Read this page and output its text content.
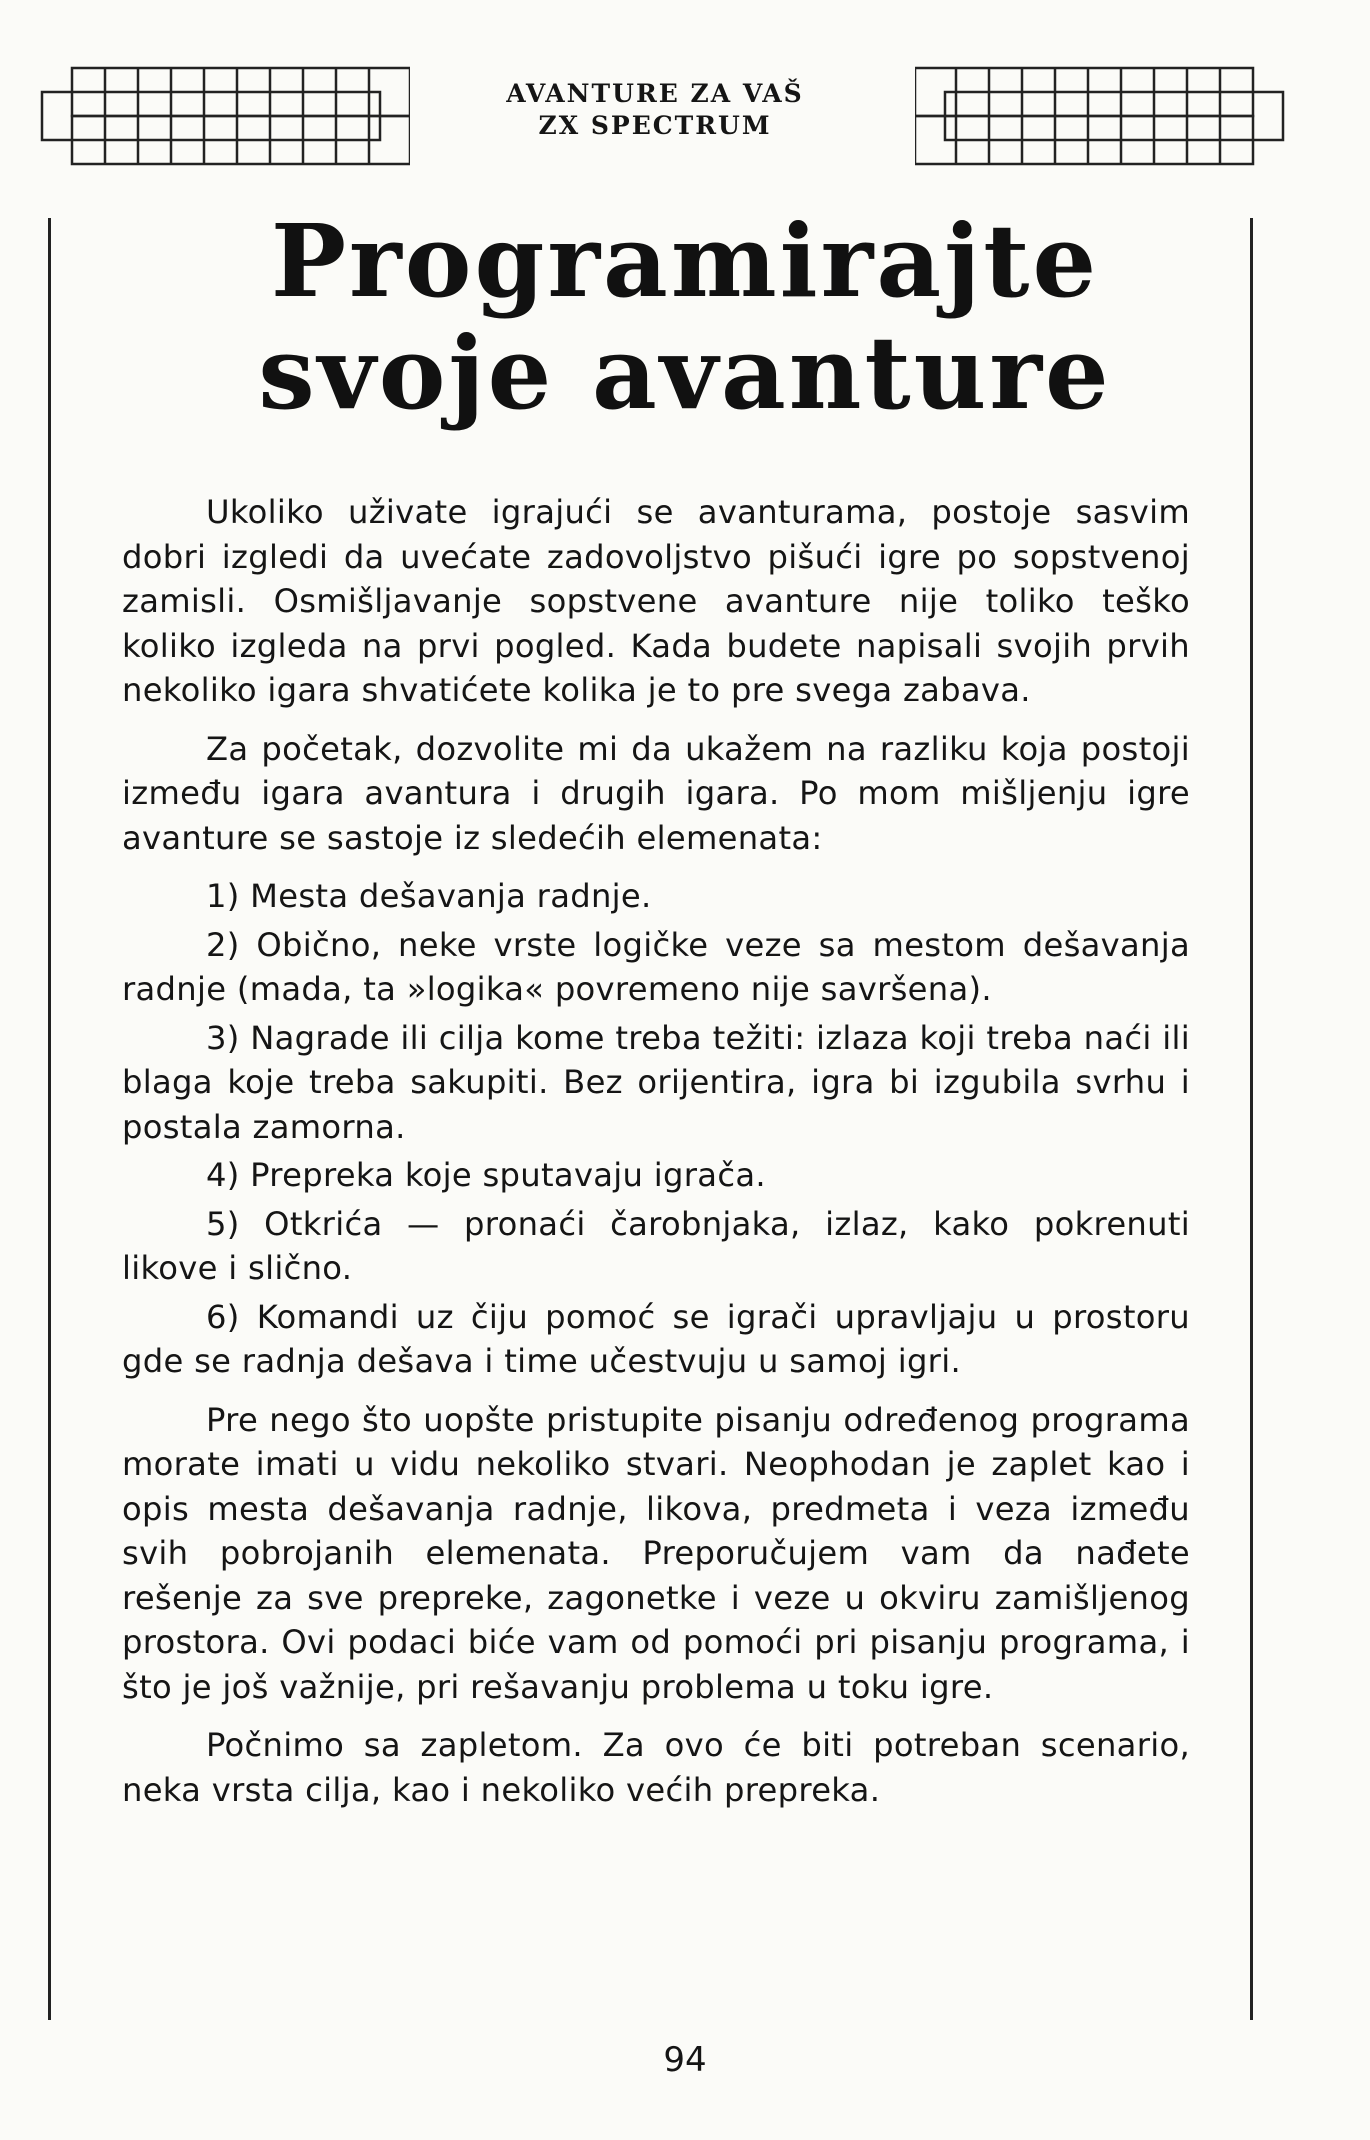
AVANTURE ZA VAŠ
ZX SPECTRUM
Programirajte
svoje avanture

Ukoliko uživate igrajući se avanturama, postoje sasvim dobri izgledi da uvećate zadovoljstvo pišući igre po sopstvenoj zamisli. Osmišljavanje sopstvene avanture nije toliko teško koliko izgleda na prvi pogled. Kada budete napisali svojih prvih nekoliko igara shvatićete kolika je to pre svega zabava.

Za početak, dozvolite mi da ukažem na razliku koja postoji između igara avantura i drugih igara. Po mom mišljenju igre avanture se sastoje iz sledećih elemenata:

1) Mesta dešavanja radnje.

2) Obično, neke vrste logičke veze sa mestom dešavanja radnje (mada, ta »logika« povremeno nije savršena).

3) Nagrade ili cilja kome treba težiti: izlaza koji treba naći ili blaga koje treba sakupiti. Bez orijentira, igra bi izgubila svrhu i postala zamorna.

4) Prepreka koje sputavaju igrača.

5) Otkrića — pronaći čarobnjaka, izlaz, kako pokrenuti likove i slično.

6) Komandi uz čiju pomoć se igrači upravljaju u prostoru gde se radnja dešava i time učestvuju u samoj igri.

Pre nego što uopšte pristupite pisanju određenog programa morate imati u vidu nekoliko stvari. Neophodan je zaplet kao i opis mesta dešavanja radnje, likova, predmeta i veza između svih pobrojanih elemenata. Preporučujem vam da nađete rešenje za sve prepreke, zagonetke i veze u okviru zamišljenog prostora. Ovi podaci biće vam od pomoći pri pisanju programa, i što je još važnije, pri rešavanju problema u toku igre.

Počnimo sa zapletom. Za ovo će biti potreban scenario, neka vrsta cilja, kao i nekoliko većih prepreka.

94
